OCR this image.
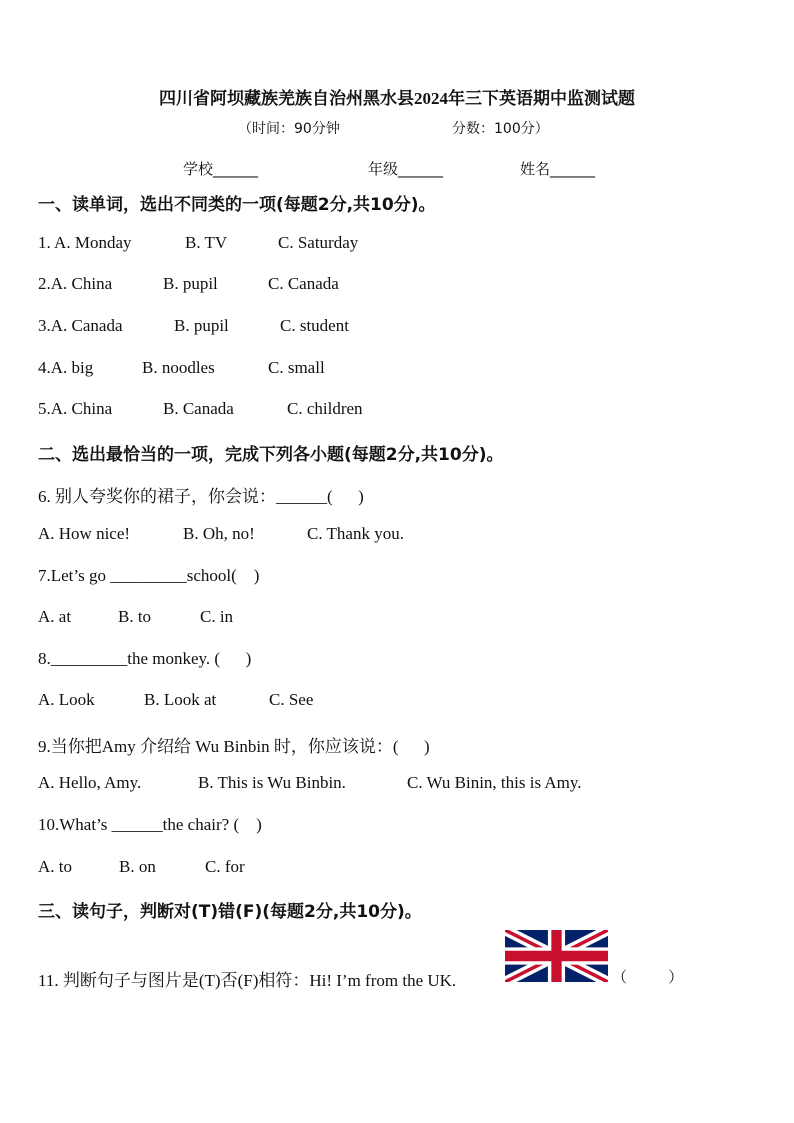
四川省阿坝藏族羌族自治州黑水县2024年三下英语期中监测试题
（时间：90分钟	分数：100分）
学校______	年级______	姓名______
一、读单词，选出不同类的一项(每题2分,共10分)。
1. A. Monday	B. TV	C. Saturday
2.A. China	B. pupil	C. Canada
3.A. Canada	B. pupil	C. student
4.A. big	B. noodles	C. small
5.A. China	B. Canada	C. children
二、选出最恰当的一项，完成下列各小题(每题2分,共10分)。
6. 别人夸奖你的裙子，你会说：______(      )
A. How nice!	B. Oh, no!	C. Thank you.
7.Let’s go _________school(    )
A. at	B. to	C. in
8._________the monkey. (      )
A. Look	B. Look at	C. See
9.当你把Amy 介绍给 Wu Binbin 时，你应该说：(      )
A. Hello, Amy.	B. This is Wu Binbin.	C. Wu Binin, this is Amy.
10.What’s ______the chair? (    )
A. to	B. on	C. for
三、读句子，判断对(T)错(F)(每题2分,共10分)。
11. 判断句子与图片是(T)否(F)相符：Hi! I’m from the UK.	（           ）
